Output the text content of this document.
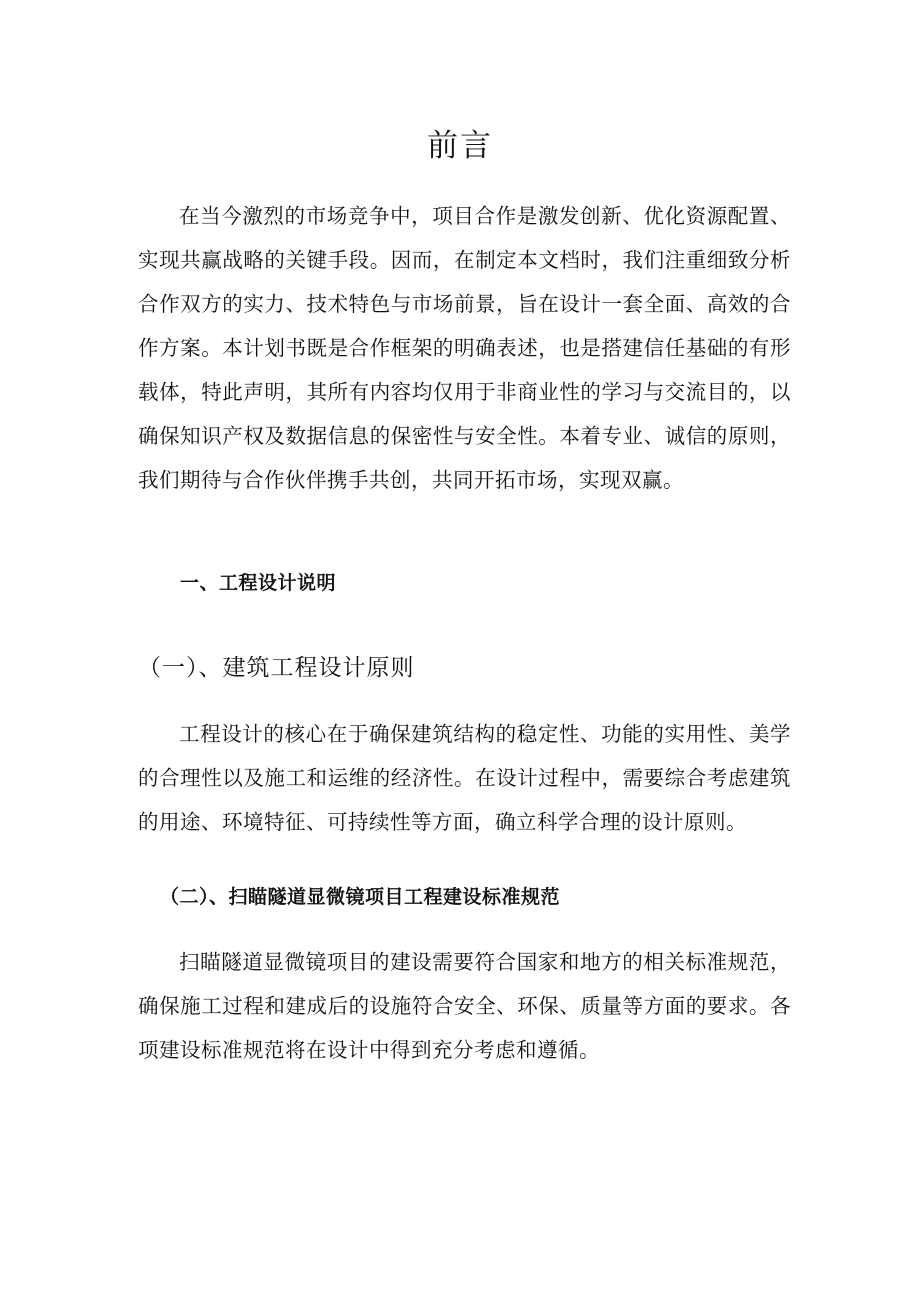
前言

在当今激烈的市场竞争中，项目合作是激发创新、优化资源配置、实现共赢战略的关键手段。因而，在制定本文档时，我们注重细致分析合作双方的实力、技术特色与市场前景，旨在设计一套全面、高效的合作方案。本计划书既是合作框架的明确表述，也是搭建信任基础的有形载体，特此声明，其所有内容均仅用于非商业性的学习与交流目的，以确保知识产权及数据信息的保密性与安全性。本着专业、诚信的原则，我们期待与合作伙伴携手共创，共同开拓市场，实现双赢。

一、工程设计说明
（一）、建筑工程设计原则

工程设计的核心在于确保建筑结构的稳定性、功能的实用性、美学的合理性以及施工和运维的经济性。在设计过程中，需要综合考虑建筑的用途、环境特征、可持续性等方面，确立科学合理的设计原则。

（二）、扫瞄隧道显微镜项目工程建设标准规范

扫瞄隧道显微镜项目的建设需要符合国家和地方的相关标准规范，确保施工过程和建成后的设施符合安全、环保、质量等方面的要求。各项建设标准规范将在设计中得到充分考虑和遵循。
